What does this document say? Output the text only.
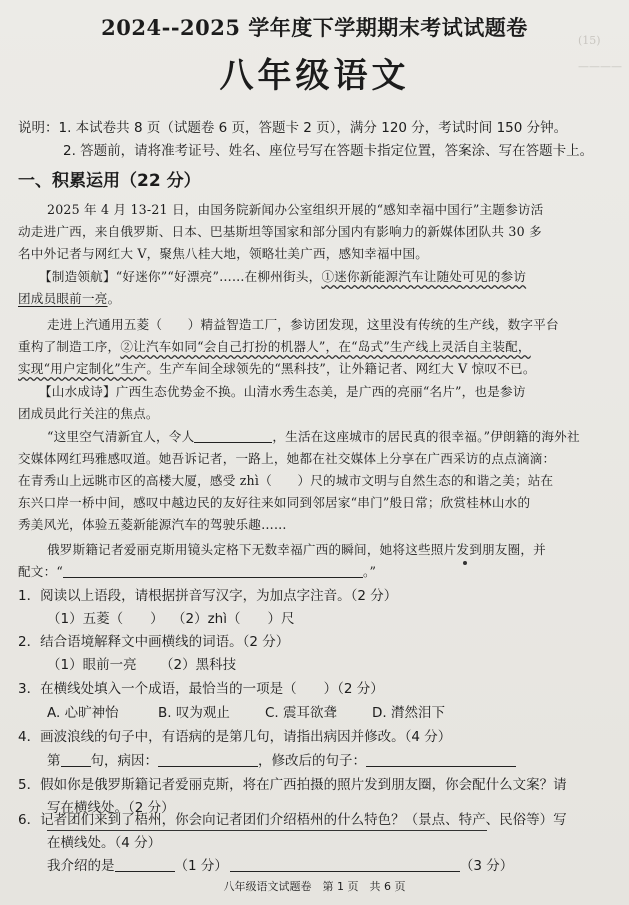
2024--2025 学年度下学期期末考试试题卷
八年级语文
(15)
————
说明：1. 本试卷共 8 页（试题卷 6 页，答题卡 2 页），满分 120 分，考试时间 150 分钟。
2. 答题前，请将准考证号、姓名、座位号写在答题卡指定位置，答案涂、写在答题卡上。
一、积累运用（22 分）
2025 年 4 月 13-21 日，由国务院新闻办公室组织开展的“感知幸福中国行”主题参访活
动走进广西，来自俄罗斯、日本、巴基斯坦等国家和部分国内有影响力的新媒体团队共 30 多
名中外记者与网红大 V，聚焦八桂大地，领略壮美广西，感知幸福中国。
【制造领航】“好迷你”“好漂亮”……在柳州街头，①迷你新能源汽车让随处可见的参访
团成员眼前一亮。
走进上汽通用五菱（　　）精益智造工厂，参访团发现，这里没有传统的生产线，数字平台
重构了制造工序，②让汽车如同“会自己打扮的机器人”，在“岛式”生产线上灵活自主装配，
实现“用户定制化”生产。生产车间全球领先的“黑科技”，让外籍记者、网红大 V 惊叹不已。
【山水成诗】广西生态优势金不换。山清水秀生态美，是广西的亮丽“名片”，也是参访
团成员此行关注的焦点。
“这里空气清新宜人，令人	，生活在这座城市的居民真的很幸福。”伊朗籍的海外社
交媒体网红玛雅感叹道。她吾诉记者，一路上，她都在社交媒体上分享在广西采访的点点滴滴：
在青秀山上远眺市区的高楼大厦，感受 zhì（　　）尺的城市文明与自然生态的和谐之美；站在
东兴口岸一桥中间，感叹中越边民的友好往来如同到邻居家“串门”般日常；欣赏桂林山水的
秀美风光，体验五菱新能源汽车的驾驶乐趣……
俄罗斯籍记者爱丽克斯用镜头定格下无数幸福广西的瞬间，她将这些照片发到朋友圈，并
配文：“	。”
1．阅读以上语段，请根据拼音写汉字，为加点字注音。（2 分）
（1）五菱（　　） （2）zhì（　　）尺
2．结合语境解释文中画横线的词语。（2 分）
（1）眼前一亮 （2）黑科技
3．在横线处填入一个成语，最恰当的一项是（　　）（2 分）
A. 心旷神怡	B. 叹为观止	C. 震耳欲聋	D. 潸然泪下
4．画波浪线的句子中，有语病的是第几句，请指出病因并修改。（4 分）
第 句，病因：	，修改后的句子：
5．假如你是俄罗斯籍记者爱丽克斯，将在广西拍摄的照片发到朋友圈，你会配什么文案？请
写在横线处。（2 分）
6．记者团们来到了梧州，你会向记者团们介绍梧州的什么特色？（景点、特产、民俗等）写
在横线处。（4 分）
我介绍的是	（1 分）	（3 分）
八年级语文试题卷　第 1 页　共 6 页
